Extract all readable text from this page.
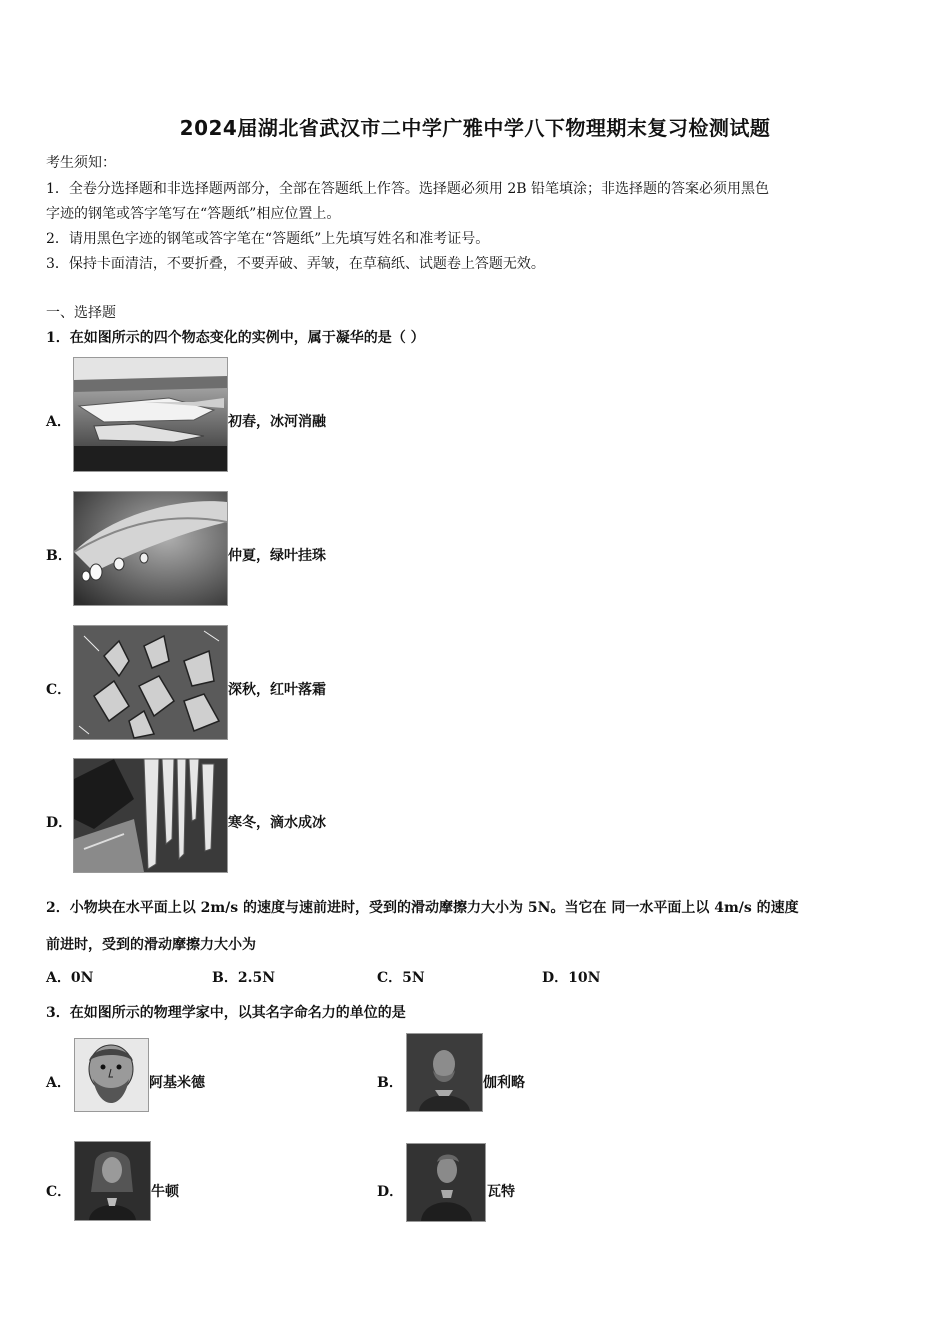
2024届湖北省武汉市二中学广雅中学八下物理期末复习检测试题
考生须知：
1．全卷分选择题和非选择题两部分，全部在答题纸上作答。选择题必须用 2B 铅笔填涂；非选择题的答案必须用黑色
字迹的钢笔或答字笔写在“答题纸”相应位置上。
2．请用黑色字迹的钢笔或答字笔在“答题纸”上先填写姓名和准考证号。
3．保持卡面清洁，不要折叠，不要弄破、弄皱，在草稿纸、试题卷上答题无效。
一、选择题
1．在如图所示的四个物态变化的实例中，属于凝华的是（ ）
A．	初春，冰河消融
B．	仲夏，绿叶挂珠
C．	深秋，红叶落霜
D．	寒冬，滴水成冰
2．小物块在水平面上以 2m/s 的速度与速前进时，受到的滑动摩擦力大小为 5N。当它在 同一水平面上以 4m/s 的速度
前进时，受到的滑动摩擦力大小为
A．0N	B．2.5N	C．5N	D．10N
3．在如图所示的物理学家中，以其名字命名力的单位的是
A．	阿基米德	B．	伽利略
C．	牛顿	D．	瓦特
